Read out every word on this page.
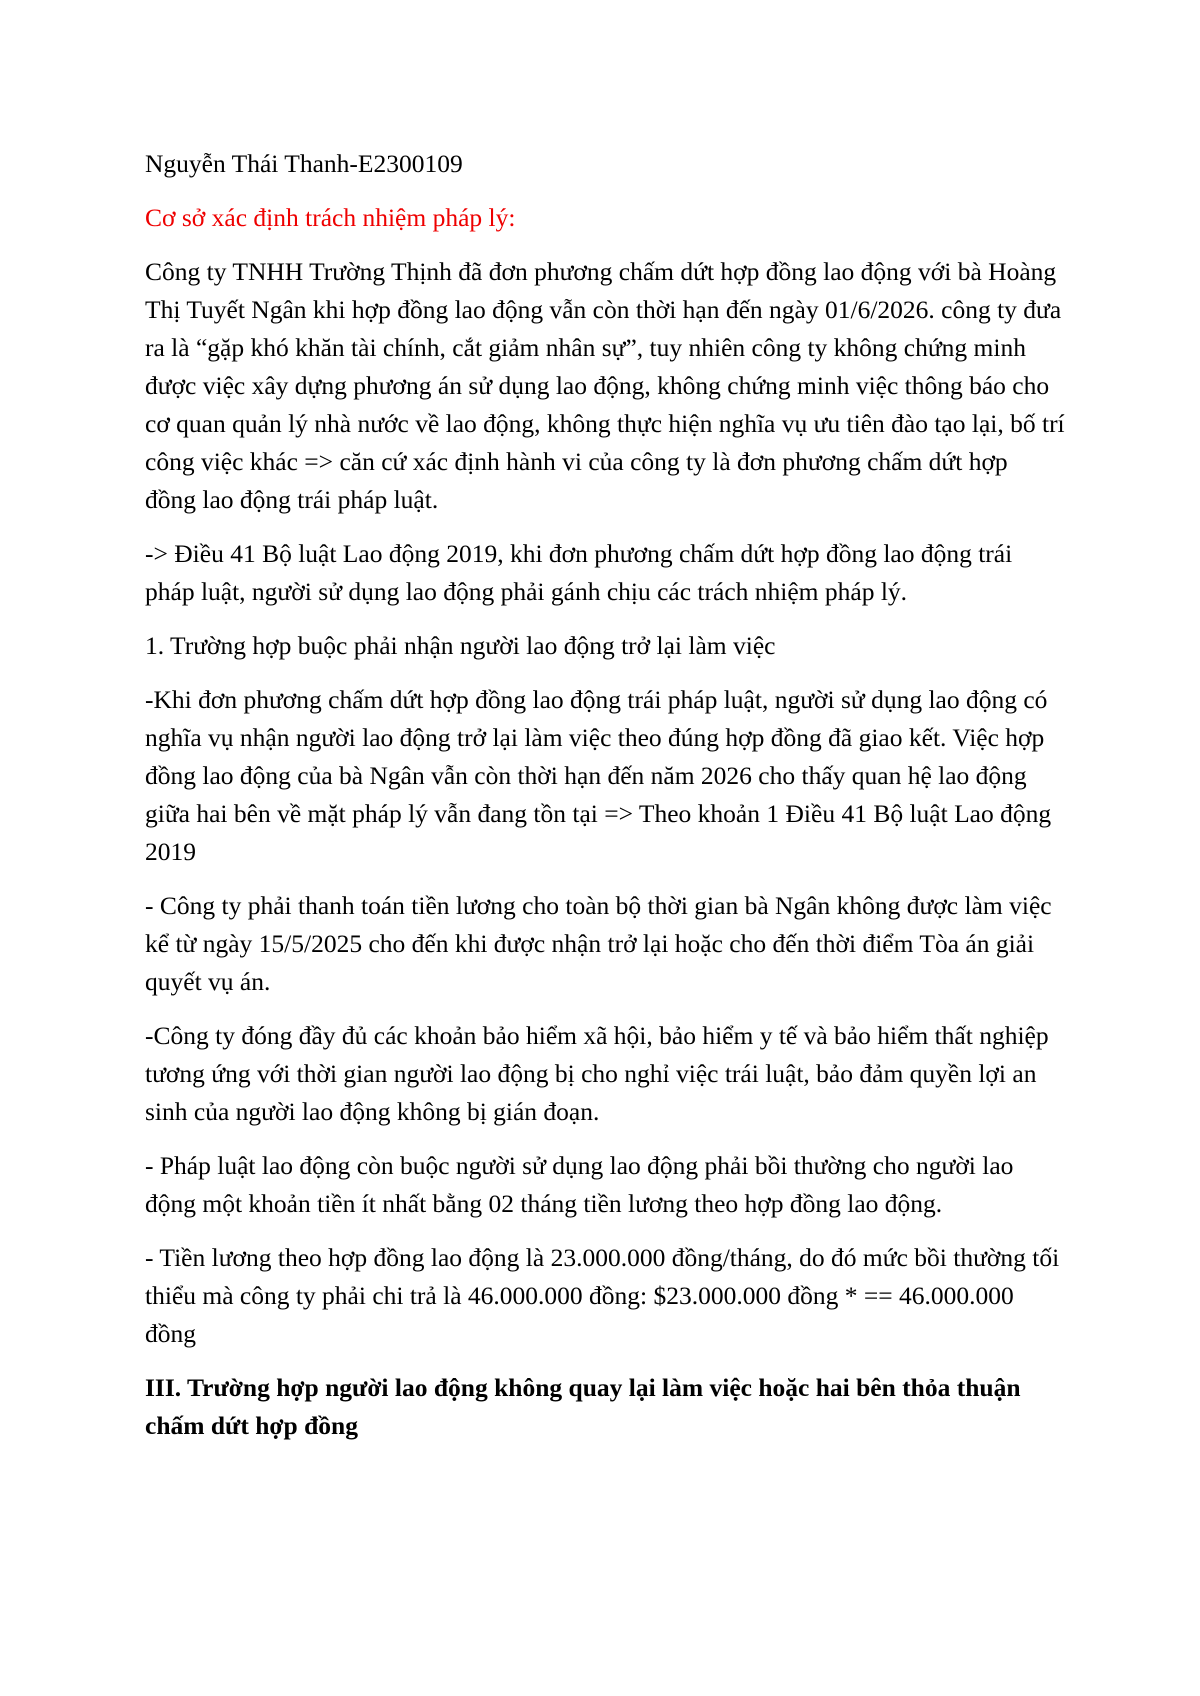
Nguyễn Thái Thanh-E2300109

Cơ sở xác định trách nhiệm pháp lý:

Công ty TNHH Trường Thịnh đã đơn phương chấm dứt hợp đồng lao động với bà Hoàng Thị Tuyết Ngân khi hợp đồng lao động vẫn còn thời hạn đến ngày 01/6/2026. công ty đưa ra là “gặp khó khăn tài chính, cắt giảm nhân sự”, tuy nhiên công ty không chứng minh được việc xây dựng phương án sử dụng lao động, không chứng minh việc thông báo cho cơ quan quản lý nhà nước về lao động, không thực hiện nghĩa vụ ưu tiên đào tạo lại, bố trí công việc khác => căn cứ xác định hành vi của công ty là đơn phương chấm dứt hợp đồng lao động trái pháp luật.

-> Điều 41 Bộ luật Lao động 2019, khi đơn phương chấm dứt hợp đồng lao động trái pháp luật, người sử dụng lao động phải gánh chịu các trách nhiệm pháp lý.

1. Trường hợp buộc phải nhận người lao động trở lại làm việc

-Khi đơn phương chấm dứt hợp đồng lao động trái pháp luật, người sử dụng lao động có nghĩa vụ nhận người lao động trở lại làm việc theo đúng hợp đồng đã giao kết. Việc hợp đồng lao động của bà Ngân vẫn còn thời hạn đến năm 2026 cho thấy quan hệ lao động giữa hai bên về mặt pháp lý vẫn đang tồn tại => Theo khoản 1 Điều 41 Bộ luật Lao động 2019

- Công ty phải thanh toán tiền lương cho toàn bộ thời gian bà Ngân không được làm việc kể từ ngày 15/5/2025 cho đến khi được nhận trở lại hoặc cho đến thời điểm Tòa án giải quyết vụ án.

-Công ty đóng đầy đủ các khoản bảo hiểm xã hội, bảo hiểm y tế và bảo hiểm thất nghiệp tương ứng với thời gian người lao động bị cho nghỉ việc trái luật, bảo đảm quyền lợi an sinh của người lao động không bị gián đoạn.

- Pháp luật lao động còn buộc người sử dụng lao động phải bồi thường cho người lao động một khoản tiền ít nhất bằng 02 tháng tiền lương theo hợp đồng lao động.

- Tiền lương theo hợp đồng lao động là 23.000.000 đồng/tháng, do đó mức bồi thường tối thiểu mà công ty phải chi trả là 46.000.000 đồng: $23.000.000 đồng * == 46.000.000 đồng

III. Trường hợp người lao động không quay lại làm việc hoặc hai bên thỏa thuận chấm dứt hợp đồng
